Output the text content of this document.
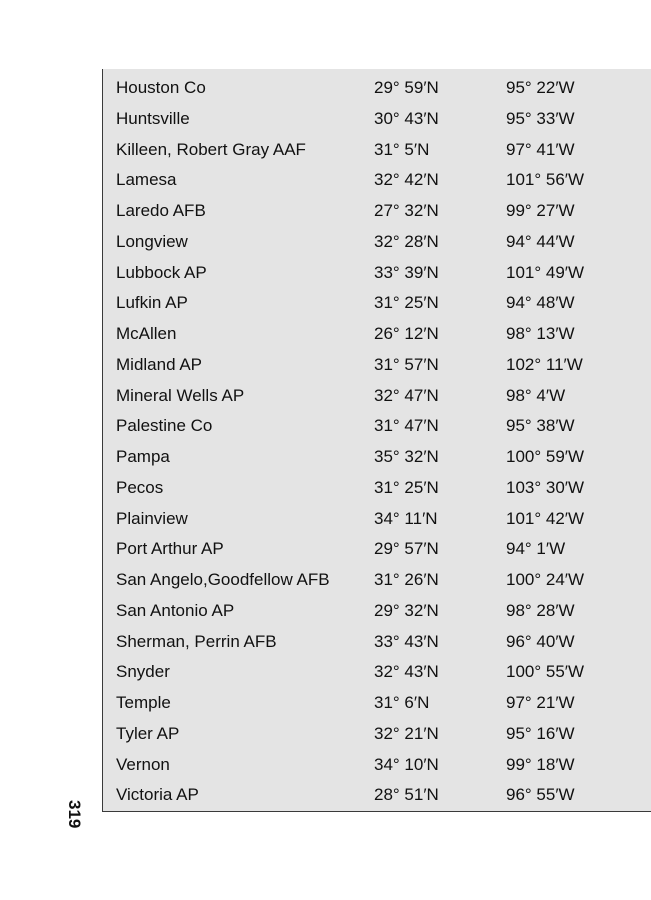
Houston Co	29° 59′N	95° 22′W
Huntsville	30° 43′N	95° 33′W
Killeen, Robert Gray AAF	31° 5′N	97° 41′W
Lamesa	32° 42′N	101° 56′W
Laredo AFB	27° 32′N	99° 27′W
Longview	32° 28′N	94° 44′W
Lubbock AP	33° 39′N	101° 49′W
Lufkin AP	31° 25′N	94° 48′W
McAllen	26° 12′N	98° 13′W
Midland AP	31° 57′N	102° 11′W
Mineral Wells AP	32° 47′N	98° 4′W
Palestine Co	31° 47′N	95° 38′W
Pampa	35° 32′N	100° 59′W
Pecos	31° 25′N	103° 30′W
Plainview	34° 11′N	101° 42′W
Port Arthur AP	29° 57′N	94° 1′W
San Angelo,Goodfellow AFB	31° 26′N	100° 24′W
San Antonio AP	29° 32′N	98° 28′W
Sherman, Perrin AFB	33° 43′N	96° 40′W
Snyder	32° 43′N	100° 55′W
Temple	31° 6′N	97° 21′W
Tyler AP	32° 21′N	95° 16′W
Vernon	34° 10′N	99° 18′W
Victoria AP	28° 51′N	96° 55′W
319
